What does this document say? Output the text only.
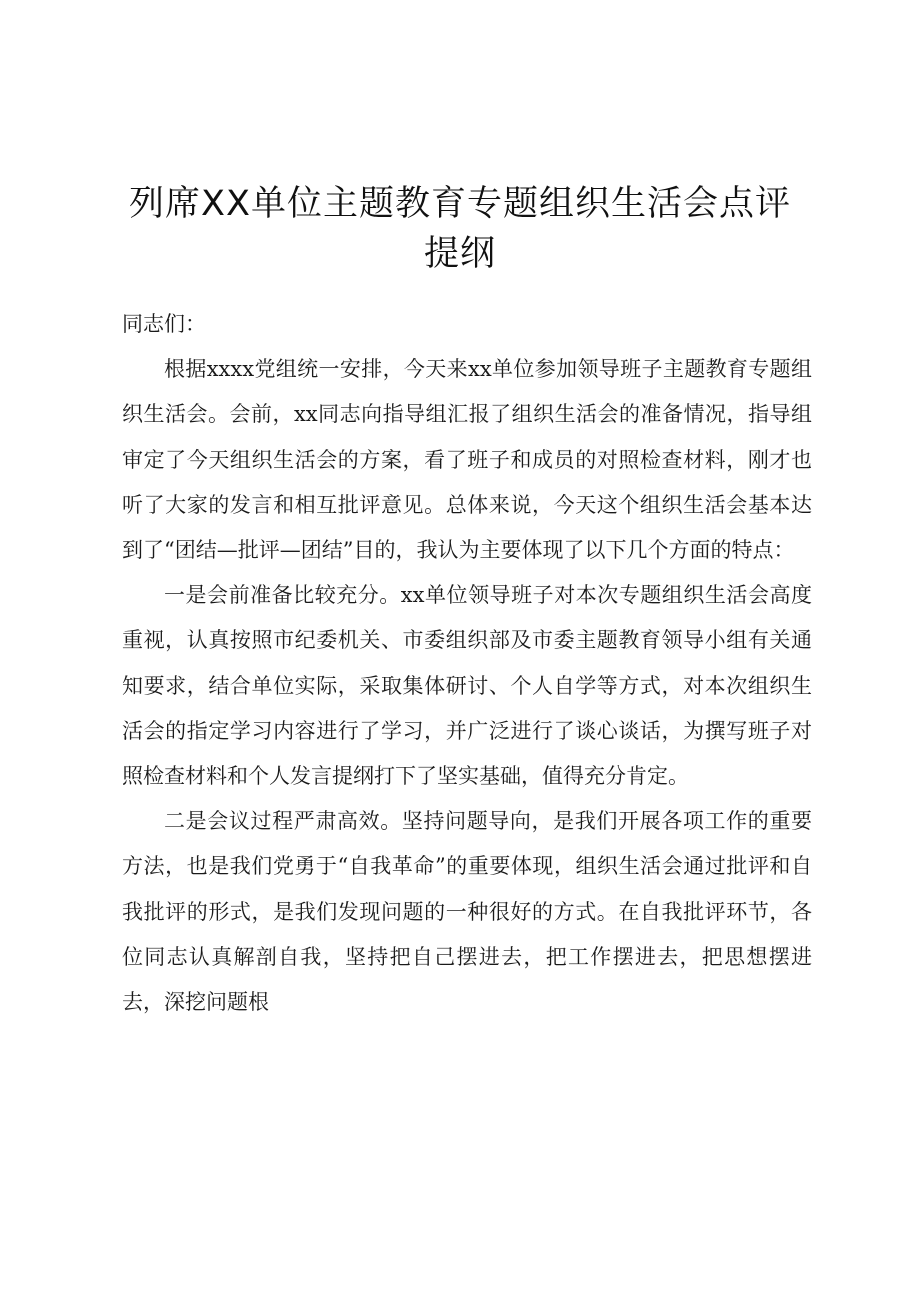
列席XX单位主题教育专题组织生活会点评
提纲

同志们：

根据xxxx党组统一安排，今天来xx单位参加领导班子主题教育专题组织生活会。会前，xx同志向指导组汇报了组织生活会的准备情况，指导组审定了今天组织生活会的方案，看了班子和成员的对照检查材料，刚才也听了大家的发言和相互批评意见。总体来说，今天这个组织生活会基本达到了“团结—批评—团结”目的，我认为主要体现了以下几个方面的特点：

一是会前准备比较充分。xx单位领导班子对本次专题组织生活会高度重视，认真按照市纪委机关、市委组织部及市委主题教育领导小组有关通知要求，结合单位实际，采取集体研讨、个人自学等方式，对本次组织生活会的指定学习内容进行了学习，并广泛进行了谈心谈话，为撰写班子对照检查材料和个人发言提纲打下了坚实基础，值得充分肯定。

二是会议过程严肃高效。坚持问题导向，是我们开展各项工作的重要方法，也是我们党勇于“自我革命”的重要体现，组织生活会通过批评和自我批评的形式，是我们发现问题的一种很好的方式。在自我批评环节，各位同志认真解剖自我，坚持把自己摆进去，把工作摆进去，把思想摆进去，深挖问题根
